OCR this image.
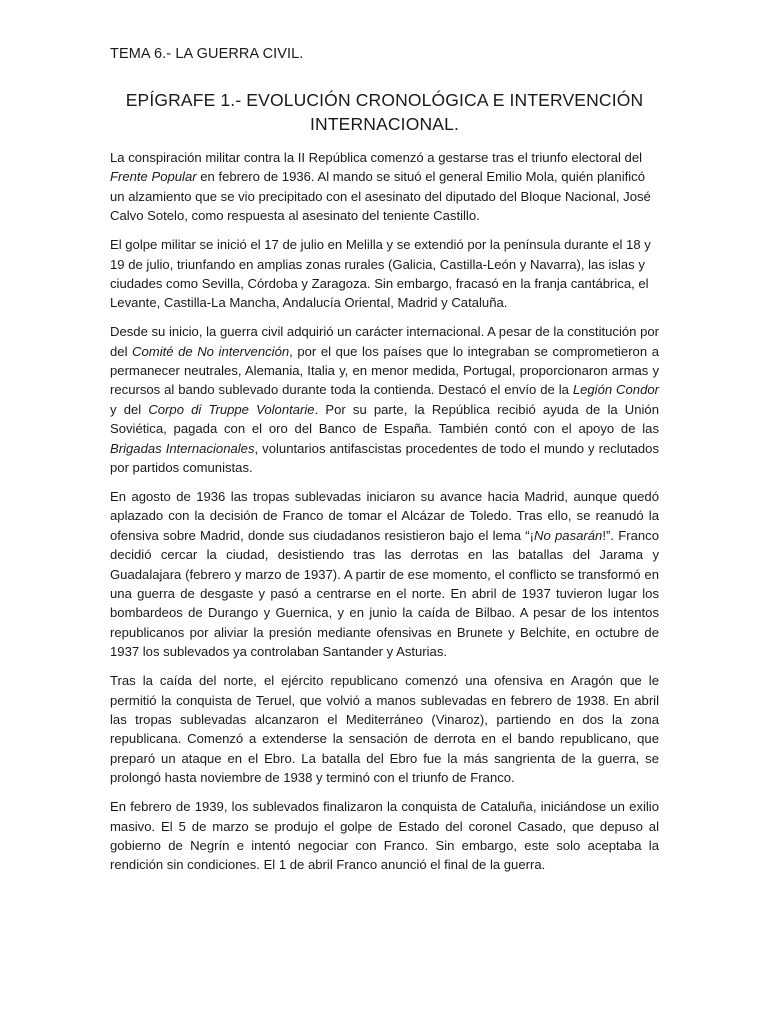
TEMA 6.- LA GUERRA CIVIL.
EPÍGRAFE 1.- EVOLUCIÓN CRONOLÓGICA E INTERVENCIÓN INTERNACIONAL.

La conspiración militar contra la II República comenzó a gestarse tras el triunfo electoral del Frente Popular en febrero de 1936. Al mando se situó el general Emilio Mola, quién planificó un alzamiento que se vio precipitado con el asesinato del diputado del Bloque Nacional, José Calvo Sotelo, como respuesta al asesinato del teniente Castillo.

El golpe militar se inició el 17 de julio en Melilla y se extendió por la península durante el 18 y 19 de julio, triunfando en amplias zonas rurales (Galicia, Castilla-León y Navarra), las islas y ciudades como Sevilla, Córdoba y Zaragoza. Sin embargo, fracasó en la franja cantábrica, el Levante, Castilla-La Mancha, Andalucía Oriental, Madrid y Cataluña.

Desde su inicio, la guerra civil adquirió un carácter internacional. A pesar de la constitución por del Comité de No intervención, por el que los países que lo integraban se comprometieron a permanecer neutrales, Alemania, Italia y, en menor medida, Portugal, proporcionaron armas y recursos al bando sublevado durante toda la contienda. Destacó el envío de la Legión Condor y del Corpo di Truppe Volontarie. Por su parte, la República recibió ayuda de la Unión Soviética, pagada con el oro del Banco de España. También contó con el apoyo de las Brigadas Internacionales, voluntarios antifascistas procedentes de todo el mundo y reclutados por partidos comunistas.

En agosto de 1936 las tropas sublevadas iniciaron su avance hacia Madrid, aunque quedó aplazado con la decisión de Franco de tomar el Alcázar de Toledo. Tras ello, se reanudó la ofensiva sobre Madrid, donde sus ciudadanos resistieron bajo el lema “¡No pasarán!”. Franco decidió cercar la ciudad, desistiendo tras las derrotas en las batallas del Jarama y Guadalajara (febrero y marzo de 1937). A partir de ese momento, el conflicto se transformó en una guerra de desgaste y pasó a centrarse en el norte. En abril de 1937 tuvieron lugar los bombardeos de Durango y Guernica, y en junio la caída de Bilbao. A pesar de los intentos republicanos por aliviar la presión mediante ofensivas en Brunete y Belchite, en octubre de 1937 los sublevados ya controlaban Santander y Asturias.

Tras la caída del norte, el ejército republicano comenzó una ofensiva en Aragón que le permitió la conquista de Teruel, que volvió a manos sublevadas en febrero de 1938. En abril las tropas sublevadas alcanzaron el Mediterráneo (Vinaroz), partiendo en dos la zona republicana. Comenzó a extenderse la sensación de derrota en el bando republicano, que preparó un ataque en el Ebro. La batalla del Ebro fue la más sangrienta de la guerra, se prolongó hasta noviembre de 1938 y terminó con el triunfo de Franco.

En febrero de 1939, los sublevados finalizaron la conquista de Cataluña, iniciándose un exilio masivo. El 5 de marzo se produjo el golpe de Estado del coronel Casado, que depuso al gobierno de Negrín e intentó negociar con Franco. Sin embargo, este solo aceptaba la rendición sin condiciones. El 1 de abril Franco anunció el final de la guerra.
